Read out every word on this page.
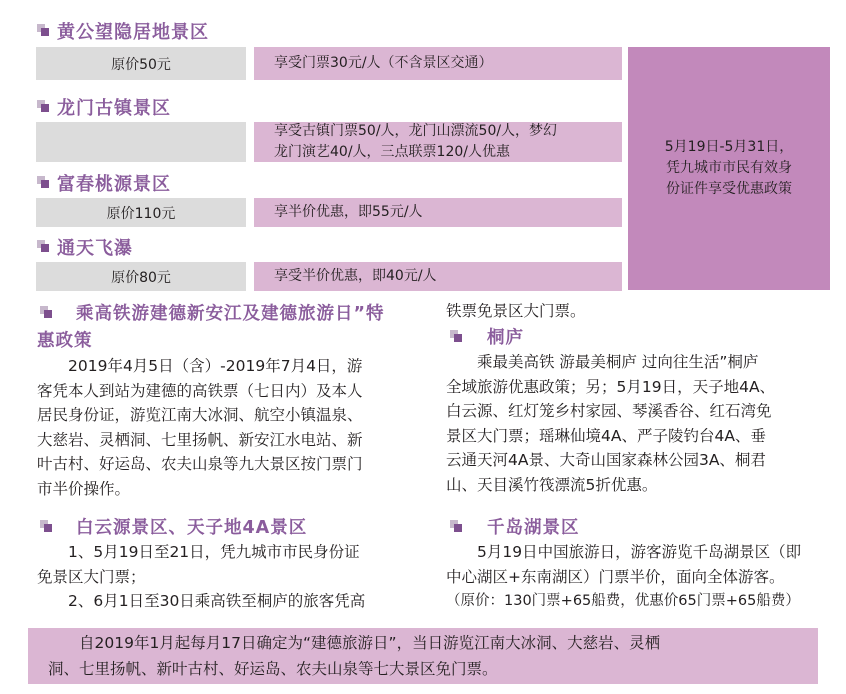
黄公望隐居地景区
原价50元	享受门票30元/人（不含景区交通）
龙门古镇景区
享受古镇门票50/人，龙门山漂流50/人，梦幻
龙门演艺40/人，三点联票120/人优惠
富春桃源景区
原价110元	享半价优惠，即55元/人
通天飞瀑
原价80元	享受半价优惠，即40元/人
5月19日-5月31日，
凭九城市市民有效身
份证件享受优惠政策
乘高铁游建德新安江及建德旅游日”特
惠政策
2019年4月5日（含）-2019年7月4日，游
客凭本人到站为建德的高铁票（七日内）及本人
居民身份证，游览江南大冰洞、航空小镇温泉、
大慈岩、灵栖洞、七里扬帆、新安江水电站、新
叶古村、好运岛、农夫山泉等九大景区按门票门
市半价操作。
白云源景区、天子地4A景区
1、5月19日至21日，凭九城市市民身份证
免景区大门票；
2、6月1日至30日乘高铁至桐庐的旅客凭高
铁票免景区大门票。
桐庐
乘最美高铁 游最美桐庐 过向往生活”桐庐
全域旅游优惠政策；另；5月19日，天子地4A、
白云源、红灯笼乡村家园、琴溪香谷、红石湾免
景区大门票；瑶琳仙境4A、严子陵钓台4A、垂
云通天河4A景、大奇山国家森林公园3A、桐君
山、天目溪竹筏漂流5折优惠。
千岛湖景区
5月19日中国旅游日，游客游览千岛湖景区（即
中心湖区+东南湖区）门票半价，面向全体游客。
（原价：130门票+65船费，优惠价65门票+65船费）
自2019年1月起每月17日确定为“建德旅游日”，当日游览江南大冰洞、大慈岩、灵栖
洞、七里扬帆、新叶古村、好运岛、农夫山泉等七大景区免门票。
